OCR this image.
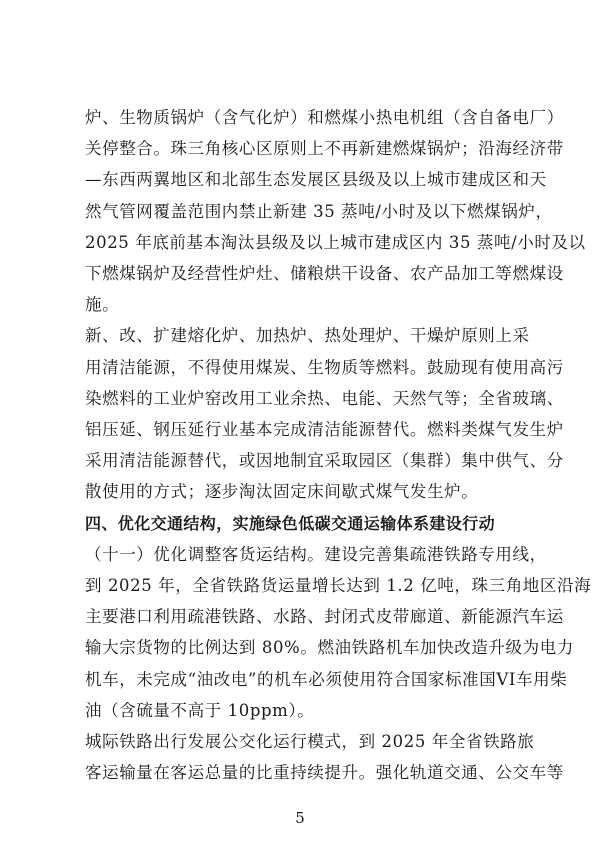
炉、生物质锅炉（含气化炉）和燃煤小热电机组（含自备电厂）
关停整合。珠三角核心区原则上不再新建燃煤锅炉；沿海经济带
—东西两翼地区和北部生态发展区县级及以上城市建成区和天
然气管网覆盖范围内禁止新建 35 蒸吨/小时及以下燃煤锅炉，
2025 年底前基本淘汰县级及以上城市建成区内 35 蒸吨/小时及以
下燃煤锅炉及经营性炉灶、储粮烘干设备、农产品加工等燃煤设
施。
新、改、扩建熔化炉、加热炉、热处理炉、干燥炉原则上采
用清洁能源，不得使用煤炭、生物质等燃料。鼓励现有使用高污
染燃料的工业炉窑改用工业余热、电能、天然气等；全省玻璃、
铝压延、钢压延行业基本完成清洁能源替代。燃料类煤气发生炉
采用清洁能源替代，或因地制宜采取园区（集群）集中供气、分
散使用的方式；逐步淘汰固定床间歇式煤气发生炉。
四、优化交通结构，实施绿色低碳交通运输体系建设行动
（十一）优化调整客货运结构。建设完善集疏港铁路专用线，
到 2025 年，全省铁路货运量增长达到 1.2 亿吨，珠三角地区沿海
主要港口利用疏港铁路、水路、封闭式皮带廊道、新能源汽车运
输大宗货物的比例达到 80%。燃油铁路机车加快改造升级为电力
机车，未完成“油改电”的机车必须使用符合国家标准国VI车用柴
油（含硫量不高于 10ppm）。
城际铁路出行发展公交化运行模式，到 2025 年全省铁路旅
客运输量在客运总量的比重持续提升。强化轨道交通、公交车等
5
